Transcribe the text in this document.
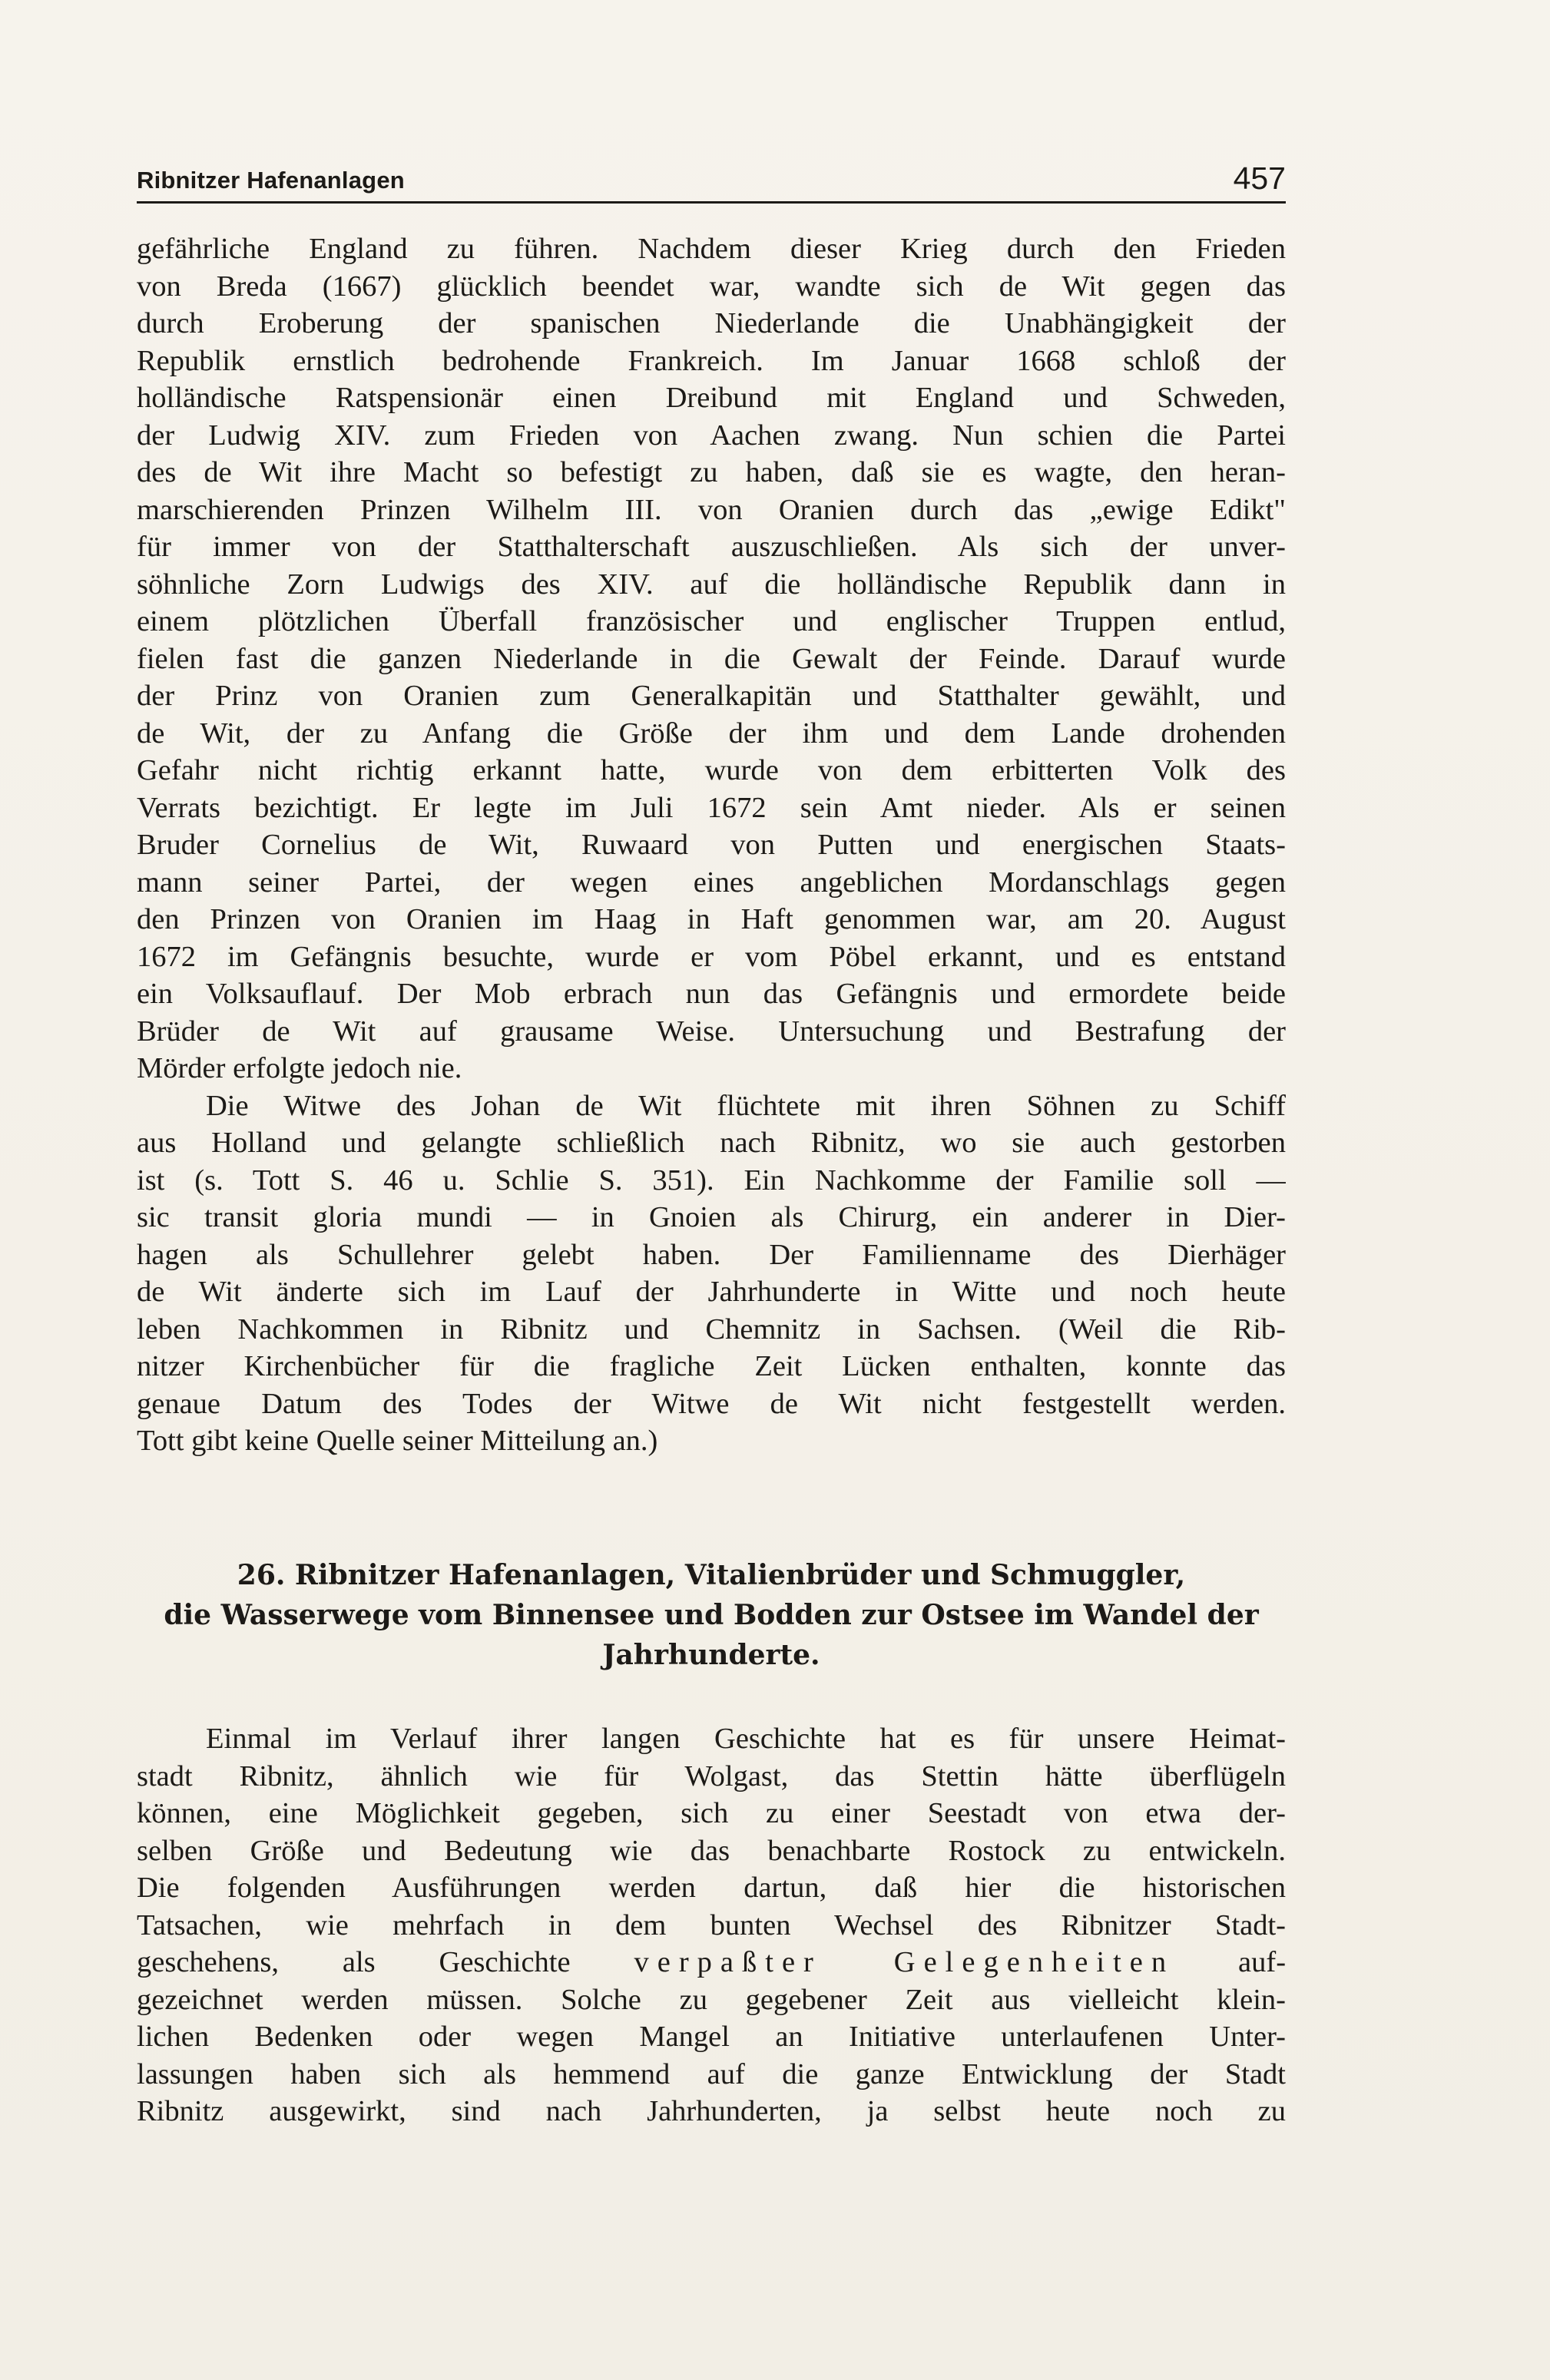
Ribnitzer Hafenanlagen	457
gefährliche England zu führen. Nachdem dieser Krieg durch den Frieden
von Breda (1667) glücklich beendet war, wandte sich de Wit gegen das
durch Eroberung der spanischen Niederlande die Unabhängigkeit der
Republik ernstlich bedrohende Frankreich. Im Januar 1668 schloß der
holländische Ratspensionär einen Dreibund mit England und Schweden,
der Ludwig XIV. zum Frieden von Aachen zwang. Nun schien die Partei
des de Wit ihre Macht so befestigt zu haben, daß sie es wagte, den heran-
marschierenden Prinzen Wilhelm III. von Oranien durch das „ewige Edikt"
für immer von der Statthalterschaft auszuschließen. Als sich der unver-
söhnliche Zorn Ludwigs des XIV. auf die holländische Republik dann in
einem plötzlichen Überfall französischer und englischer Truppen entlud,
fielen fast die ganzen Niederlande in die Gewalt der Feinde. Darauf wurde
der Prinz von Oranien zum Generalkapitän und Statthalter gewählt, und
de Wit, der zu Anfang die Größe der ihm und dem Lande drohenden
Gefahr nicht richtig erkannt hatte, wurde von dem erbitterten Volk des
Verrats bezichtigt. Er legte im Juli 1672 sein Amt nieder. Als er seinen
Bruder Cornelius de Wit, Ruwaard von Putten und energischen Staats-
mann seiner Partei, der wegen eines angeblichen Mordanschlags gegen
den Prinzen von Oranien im Haag in Haft genommen war, am 20. August
1672 im Gefängnis besuchte, wurde er vom Pöbel erkannt, und es entstand
ein Volksauflauf. Der Mob erbrach nun das Gefängnis und ermordete beide
Brüder de Wit auf grausame Weise. Untersuchung und Bestrafung der
Mörder erfolgte jedoch nie.
Die Witwe des Johan de Wit flüchtete mit ihren Söhnen zu Schiff
aus Holland und gelangte schließlich nach Ribnitz, wo sie auch gestorben
ist (s. Tott S. 46 u. Schlie S. 351). Ein Nachkomme der Familie soll —
sic transit gloria mundi — in Gnoien als Chirurg, ein anderer in Dier-
hagen als Schullehrer gelebt haben. Der Familienname des Dierhäger
de Wit änderte sich im Lauf der Jahrhunderte in Witte und noch heute
leben Nachkommen in Ribnitz und Chemnitz in Sachsen. (Weil die Rib-
nitzer Kirchenbücher für die fragliche Zeit Lücken enthalten, konnte das
genaue Datum des Todes der Witwe de Wit nicht festgestellt werden.
Tott gibt keine Quelle seiner Mitteilung an.)
26. Ribnitzer Hafenanlagen, Vitalienbrüder und Schmuggler,
die Wasserwege vom Binnensee und Bodden zur Ostsee im Wandel der
Jahrhunderte.
Einmal im Verlauf ihrer langen Geschichte hat es für unsere Heimat-
stadt Ribnitz, ähnlich wie für Wolgast, das Stettin hätte überflügeln
können, eine Möglichkeit gegeben, sich zu einer Seestadt von etwa der-
selben Größe und Bedeutung wie das benachbarte Rostock zu entwickeln.
Die folgenden Ausführungen werden dartun, daß hier die historischen
Tatsachen, wie mehrfach in dem bunten Wechsel des Ribnitzer Stadt-
geschehens, als Geschichte verpaßter Gelegenheiten auf-
gezeichnet werden müssen. Solche zu gegebener Zeit aus vielleicht klein-
lichen Bedenken oder wegen Mangel an Initiative unterlaufenen Unter-
lassungen haben sich als hemmend auf die ganze Entwicklung der Stadt
Ribnitz ausgewirkt, sind nach Jahrhunderten, ja selbst heute noch zu
